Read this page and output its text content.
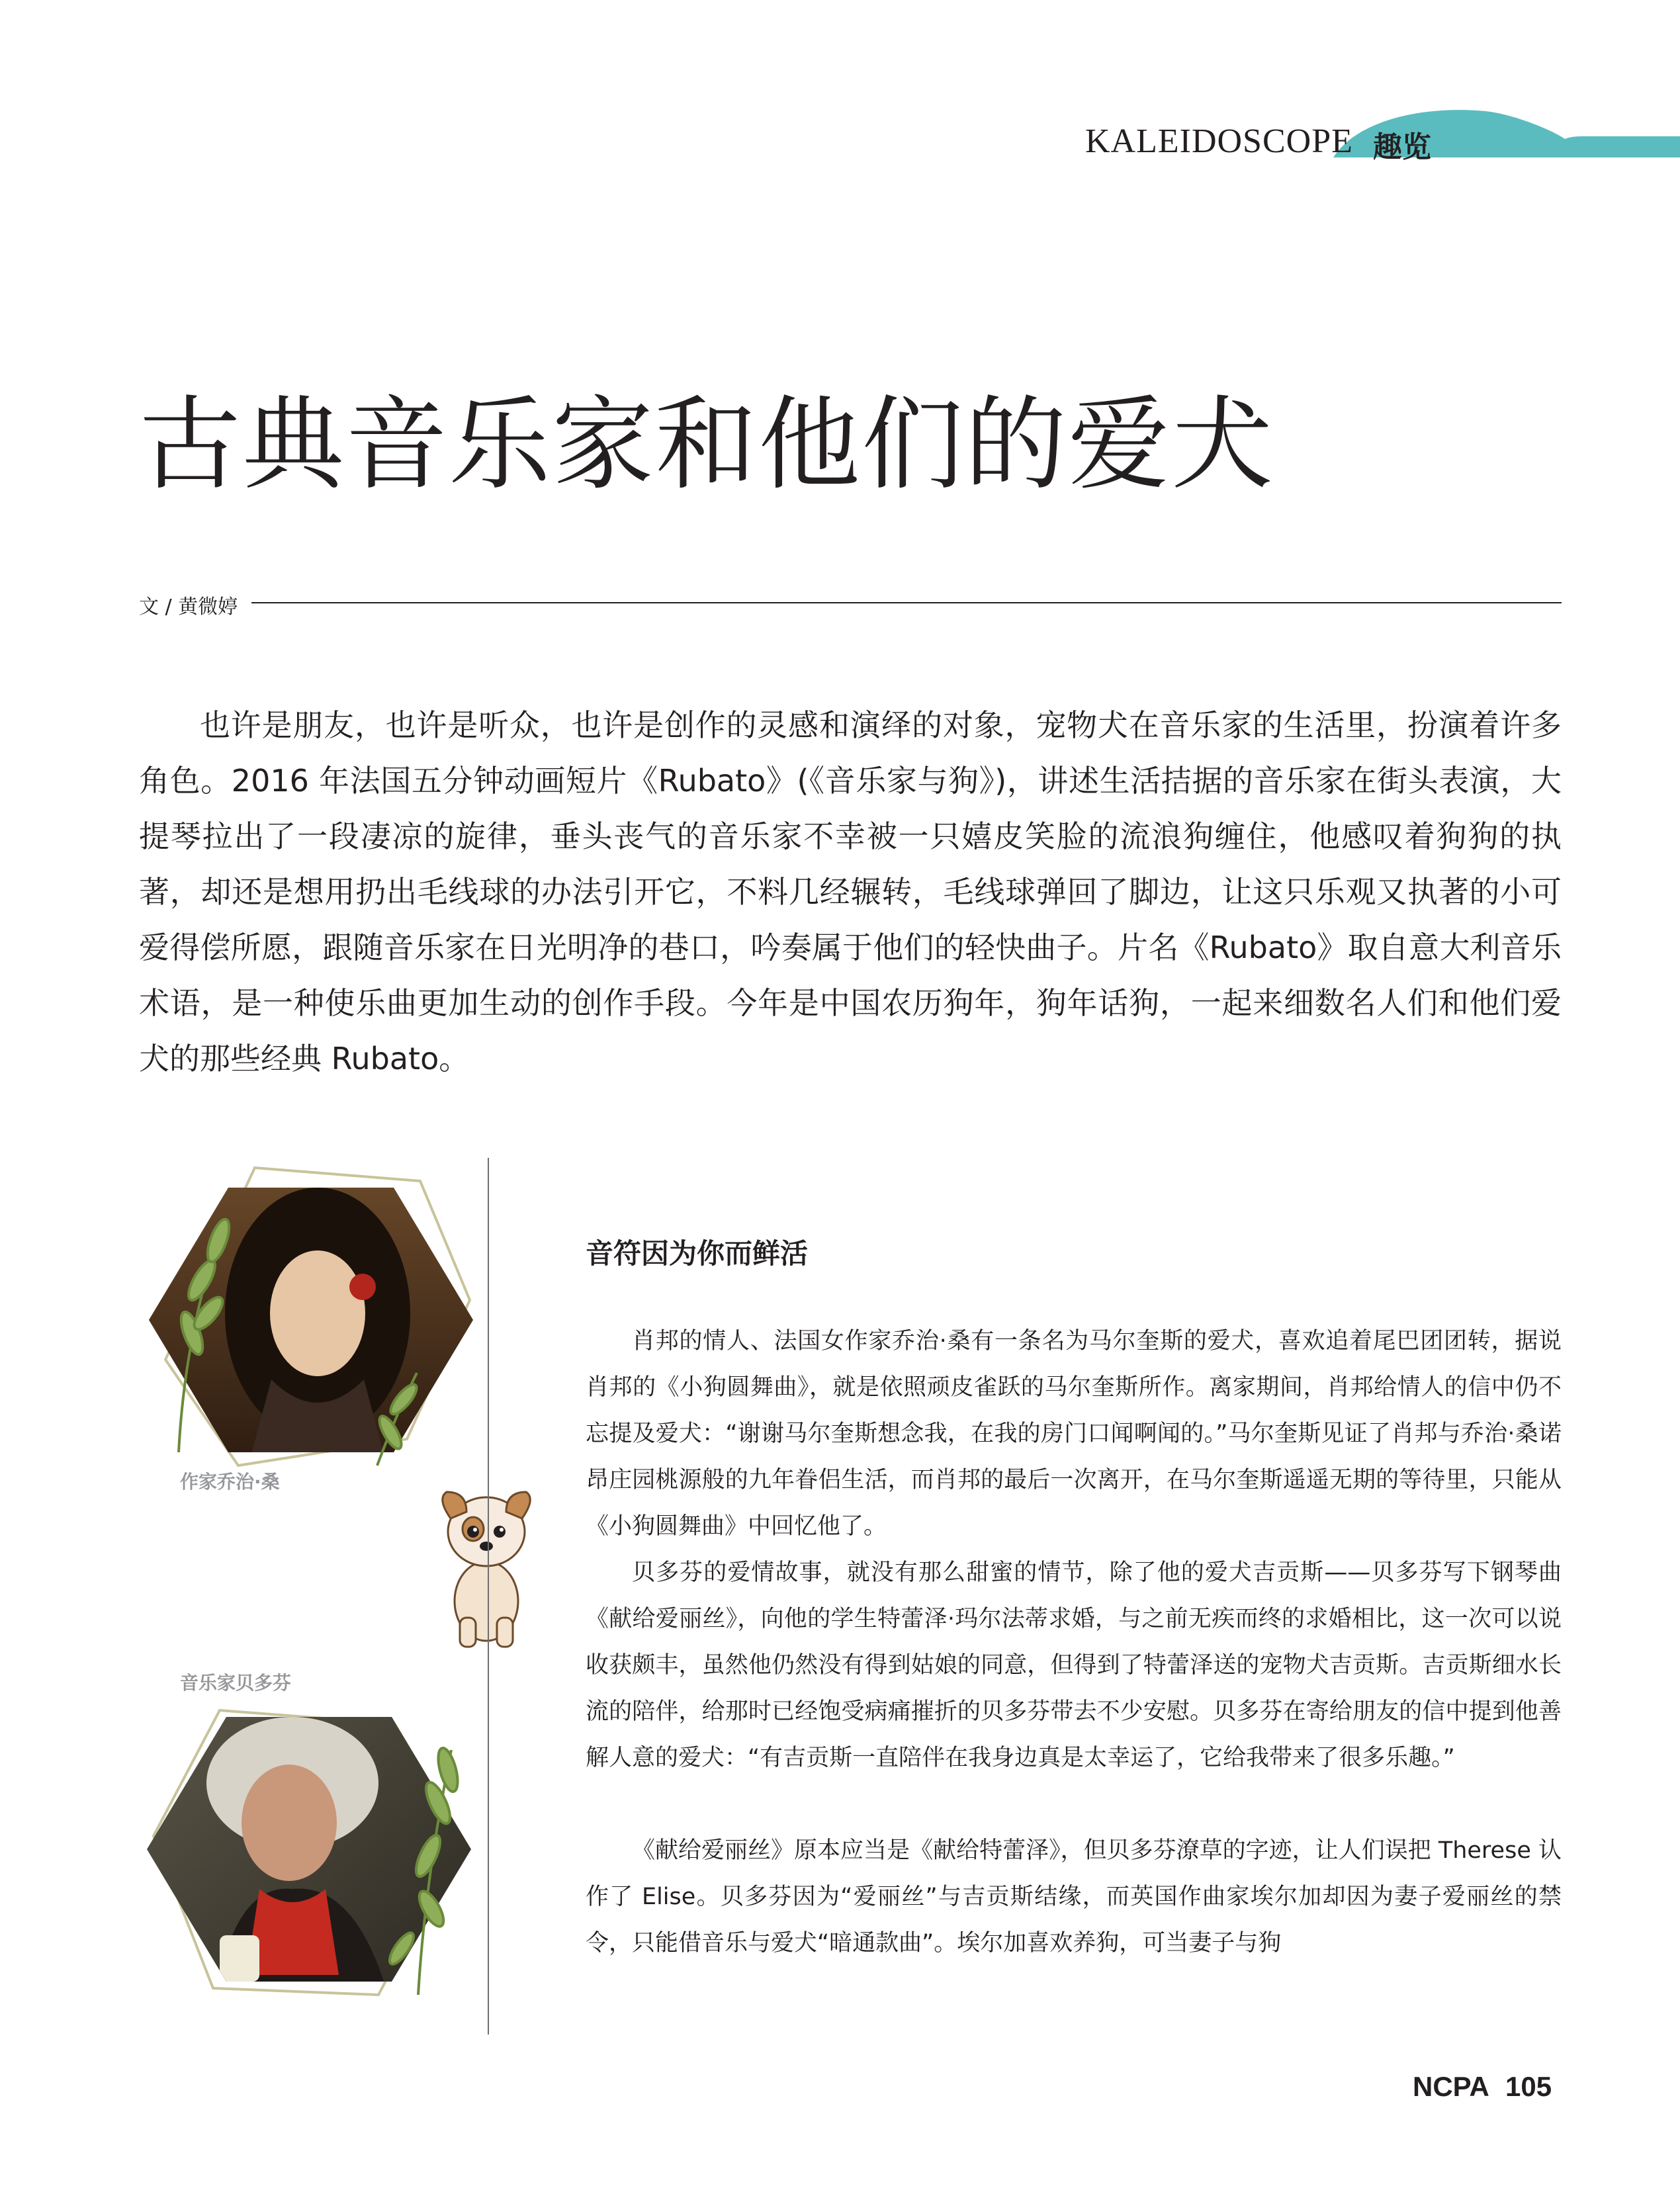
KALEIDOSCOPE 趣览
古典音乐家和他们的爱犬
文 / 黄微婷

也许是朋友，也许是听众，也许是创作的灵感和演绎的对象，宠物犬在音乐家的生活里，扮演着许多角色。2016 年法国五分钟动画短片《Rubato》(《音乐家与狗》)，讲述生活拮据的音乐家在街头表演，大提琴拉出了一段凄凉的旋律，垂头丧气的音乐家不幸被一只嬉皮笑脸的流浪狗缠住，他感叹着狗狗的执著，却还是想用扔出毛线球的办法引开它，不料几经辗转，毛线球弹回了脚边，让这只乐观又执著的小可爱得偿所愿，跟随音乐家在日光明净的巷口，吟奏属于他们的轻快曲子。片名《Rubato》取自意大利音乐术语，是一种使乐曲更加生动的创作手段。今年是中国农历狗年，狗年话狗，一起来细数名人们和他们爱犬的那些经典 Rubato。

作家乔治·桑
音乐家贝多芬
音符因为你而鲜活

肖邦的情人、法国女作家乔治·桑有一条名为马尔奎斯的爱犬，喜欢追着尾巴团团转，据说肖邦的《小狗圆舞曲》，就是依照顽皮雀跃的马尔奎斯所作。离家期间，肖邦给情人的信中仍不忘提及爱犬：“谢谢马尔奎斯想念我，在我的房门口闻啊闻的。”马尔奎斯见证了肖邦与乔治·桑诺昂庄园桃源般的九年眷侣生活，而肖邦的最后一次离开，在马尔奎斯遥遥无期的等待里，只能从《小狗圆舞曲》中回忆他了。

贝多芬的爱情故事，就没有那么甜蜜的情节，除了他的爱犬吉贡斯——贝多芬写下钢琴曲《献给爱丽丝》，向他的学生特蕾泽·玛尔法蒂求婚，与之前无疾而终的求婚相比，这一次可以说收获颇丰，虽然他仍然没有得到姑娘的同意，但得到了特蕾泽送的宠物犬吉贡斯。吉贡斯细水长流的陪伴，给那时已经饱受病痛摧折的贝多芬带去不少安慰。贝多芬在寄给朋友的信中提到他善解人意的爱犬：“有吉贡斯一直陪伴在我身边真是太幸运了，它给我带来了很多乐趣。”

《献给爱丽丝》原本应当是《献给特蕾泽》，但贝多芬潦草的字迹，让人们误把 Therese 认作了 Elise。贝多芬因为“爱丽丝”与吉贡斯结缘，而英国作曲家埃尔加却因为妻子爱丽丝的禁令，只能借音乐与爱犬“暗通款曲”。埃尔加喜欢养狗，可当妻子与狗

NCPA 105
